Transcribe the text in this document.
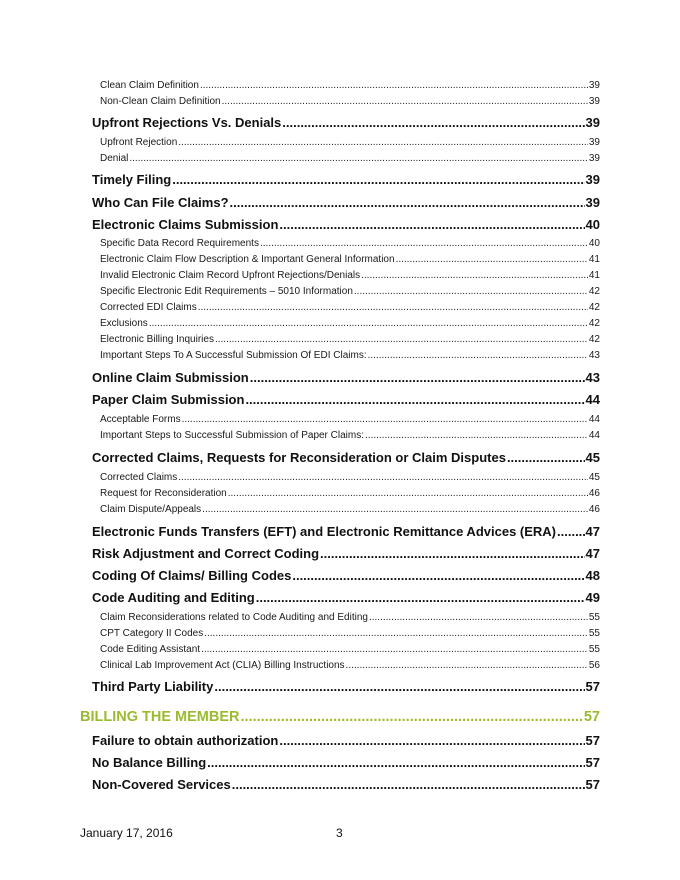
Clean Claim Definition .....	39
Non-Clean Claim Definition .....	39
Upfront Rejections Vs. Denials .....	39
Upfront Rejection .....	39
Denial .....	39
Timely Filing .....	39
Who Can File Claims? .....	39
Electronic Claims Submission .....	40
Specific Data Record Requirements .....	40
Electronic Claim Flow Description & Important General Information .....	41
Invalid Electronic Claim Record Upfront Rejections/Denials .....	41
Specific Electronic Edit Requirements – 5010 Information .....	42
Corrected EDI Claims .....	42
Exclusions .....	42
Electronic Billing Inquiries .....	42
Important Steps To A Successful Submission Of EDI Claims: .....	43
Online Claim Submission .....	43
Paper Claim Submission .....	44
Acceptable Forms .....	44
Important Steps to Successful Submission of Paper Claims: .....	44
Corrected Claims, Requests for Reconsideration or Claim Disputes .....	45
Corrected Claims .....	45
Request for Reconsideration .....	46
Claim Dispute/Appeals .....	46
Electronic Funds Transfers (EFT) and Electronic Remittance Advices (ERA) ..... 47
Risk Adjustment and Correct Coding .....	47
Coding Of Claims/ Billing Codes .....	48
Code Auditing and Editing .....	49
Claim Reconsiderations related to Code Auditing and Editing .....	55
CPT Category II Codes .....	55
Code Editing Assistant .....	55
Clinical Lab Improvement Act (CLIA) Billing Instructions .....	56
Third Party Liability .....	57
BILLING THE MEMBER .....	57
Failure to obtain authorization .....	57
No Balance Billing .....	57
Non-Covered Services .....	57
January 17, 2016	3
